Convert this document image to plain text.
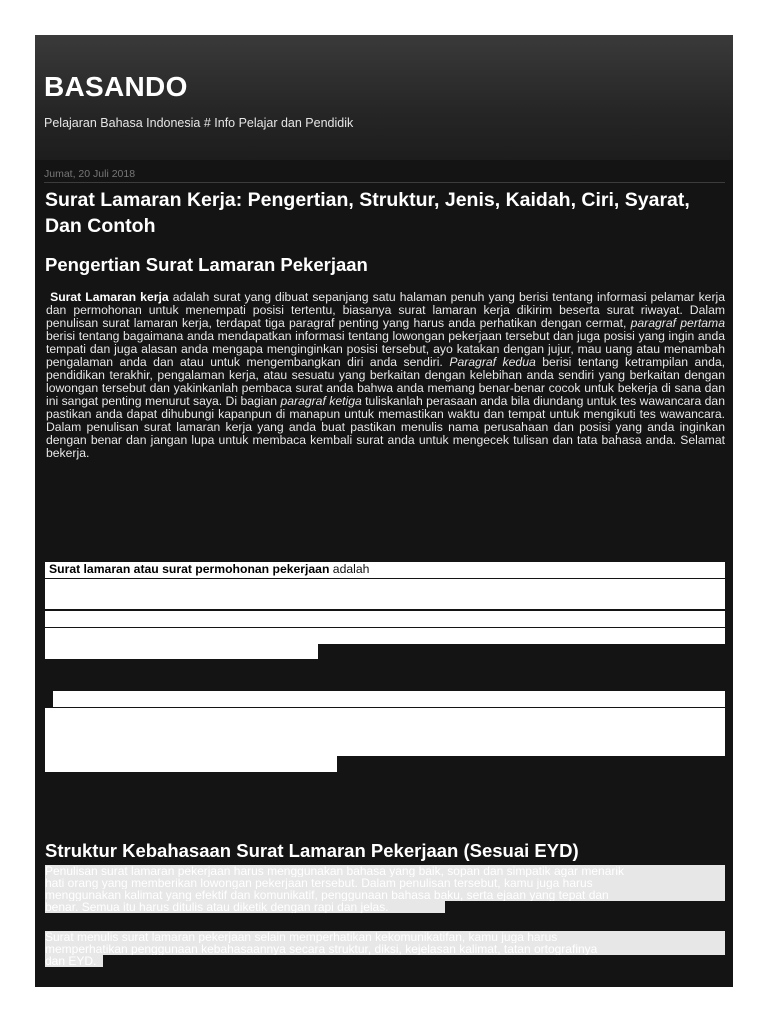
BASANDO
Pelajaran Bahasa Indonesia # Info Pelajar dan Pendidik
Jumat, 20 Juli 2018
Surat Lamaran Kerja: Pengertian, Struktur, Jenis, Kaidah, Ciri, Syarat, Dan Contoh
Pengertian Surat Lamaran Pekerjaan
Surat Lamaran kerja adalah surat yang dibuat sepanjang satu halaman penuh yang berisi tentang informasi pelamar kerja dan permohonan untuk menempati posisi tertentu, biasanya surat lamaran kerja dikirim beserta surat riwayat. Dalam penulisan surat lamaran kerja, terdapat tiga paragraf penting yang harus anda perhatikan dengan cermat, paragraf pertama berisi tentang bagaimana anda mendapatkan informasi tentang lowongan pekerjaan tersebut dan juga posisi yang ingin anda tempati dan juga alasan anda mengapa menginginkan posisi tersebut, ayo katakan dengan jujur, mau uang atau menambah pengalaman anda dan atau untuk mengembangkan diri anda sendiri. Paragraf kedua berisi tentang ketrampilan anda, pendidikan terakhir, pengalaman kerja, atau sesuatu yang berkaitan dengan kelebihan anda sendiri yang berkaitan dengan lowongan tersebut dan yakinkanlah pembaca surat anda bahwa anda memang benar-benar cocok untuk bekerja di sana dan ini sangat penting menurut saya. Di bagian paragraf ketiga tuliskanlah perasaan anda bila diundang untuk tes wawancara dan pastikan anda dapat dihubungi kapanpun di manapun untuk memastikan waktu dan tempat untuk mengikuti tes wawancara. Dalam penulisan surat lamaran kerja yang anda buat pastikan menulis nama perusahaan dan posisi yang anda inginkan dengan benar dan jangan lupa untuk membaca kembali surat anda untuk mengecek tulisan dan tata bahasa anda. Selamat bekerja.
Surat lamaran atau surat permohonan pekerjaan adalah
Struktur Kebahasaan Surat Lamaran Pekerjaan (Sesuai EYD)
Penulisan surat lamaran pekerjaan harus menggunakan bahasa yang baik, sopan dan simpatik agar menarik
hati orang yang memberikan lowongan pekerjaan tersebut. Dalam penulisan tersebut, kamu juga harus
menggunakan kalimat yang efektif dan komunikatif, penggunaan bahasa baku, serta ejaan yang tepat dan
benar. Semua itu harus ditulis atau diketik dengan rapi dan jelas.
Surat menulis surat lamaran pekerjaan selain memperhatikan kekomunikatifan, kamu juga harus
memperhatikan penggunaan kebahasaannya secara struktur, diksi, kejelasan kalimat, tatan ortografinya
dan EYD.
